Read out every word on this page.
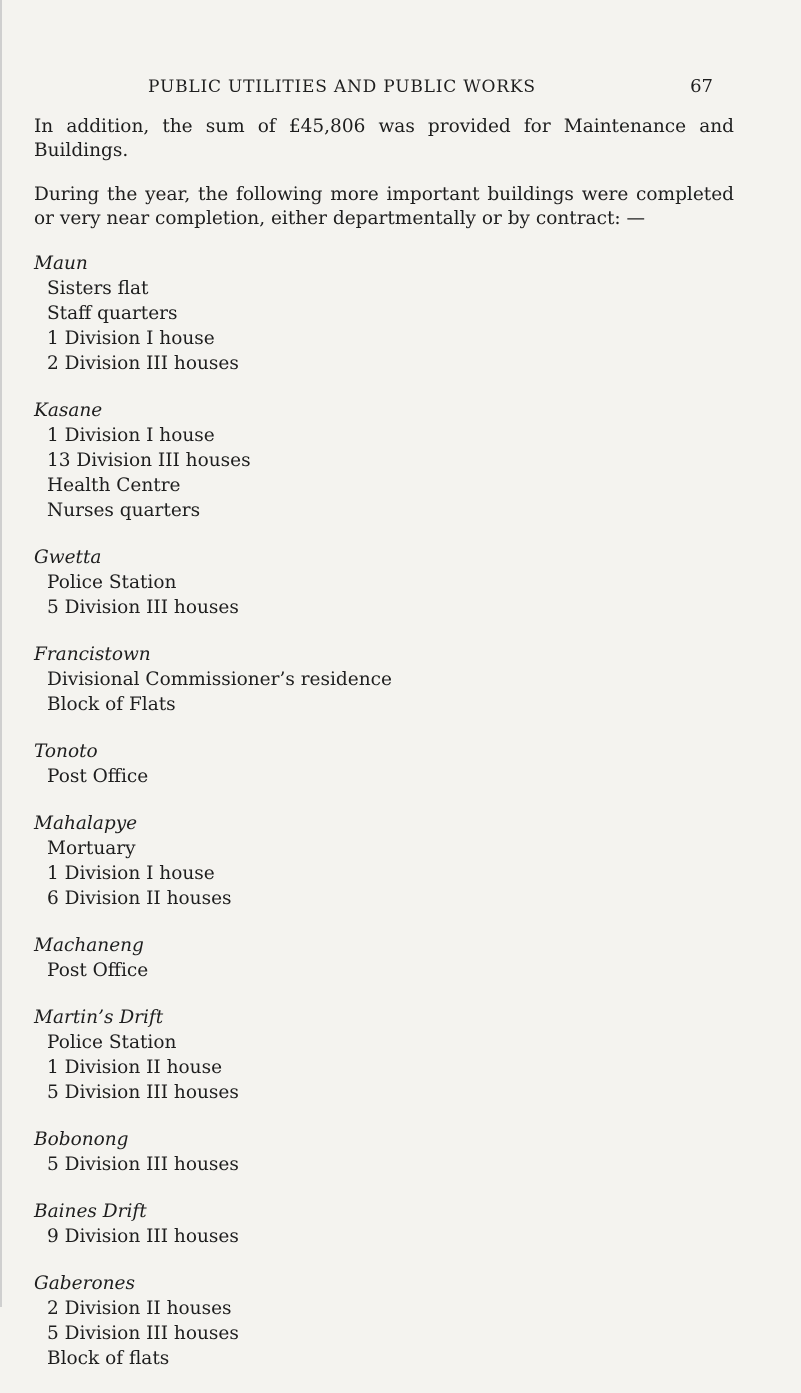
PUBLIC UTILITIES AND PUBLIC WORKS	67

In addition, the sum of £45,806 was provided for Maintenance and Buildings.

During the year, the following more important buildings were completed or very near completion, either departmentally or by contract: —

Maun
Sisters flat
Staff quarters
1 Division I house
2 Division III houses
Kasane
1 Division I house
13 Division III houses
Health Centre
Nurses quarters
Gwetta
Police Station
5 Division III houses
Francistown
Divisional Commissioner’s residence
Block of Flats
Tonoto
Post Office
Mahalapye
Mortuary
1 Division I house
6 Division II houses
Machaneng
Post Office
Martin’s Drift
Police Station
1 Division II house
5 Division III houses
Bobonong
5 Division III houses
Baines Drift
9 Division III houses
Gaberones
2 Division II houses
5 Division III houses
Block of flats
